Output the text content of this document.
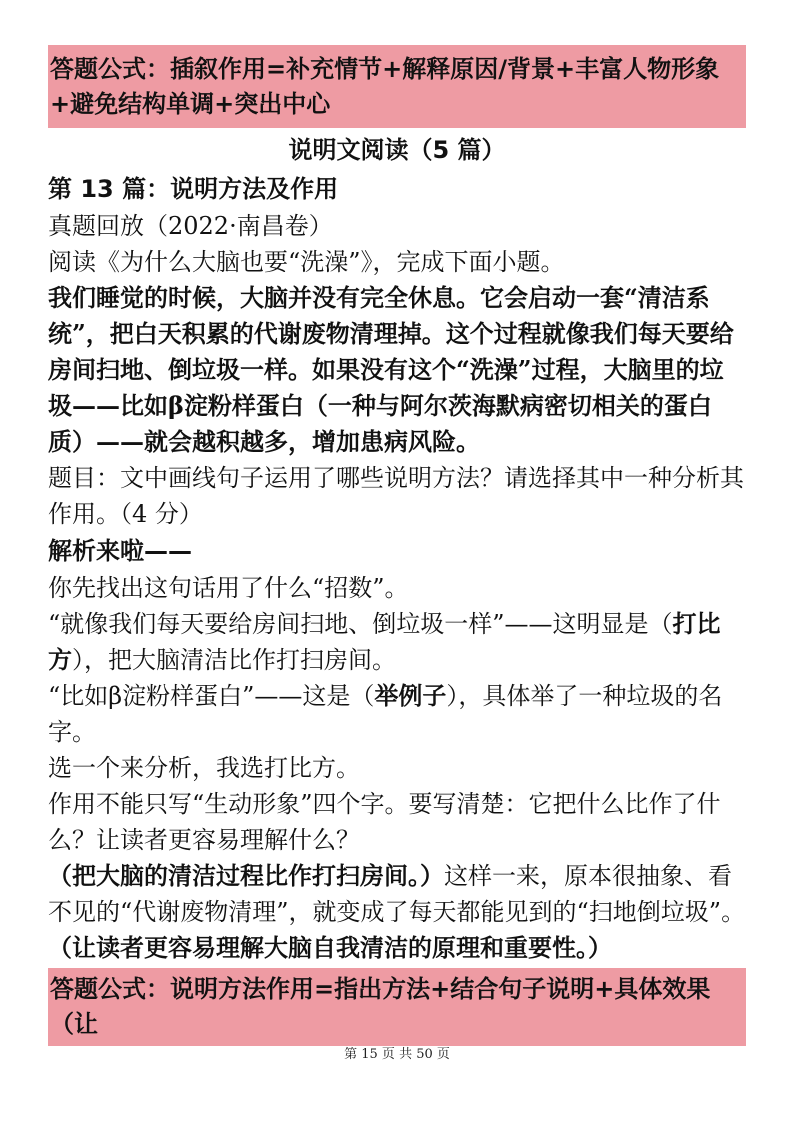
答题公式：插叙作用=补充情节+解释原因/背景+丰富人物形象+避免结构单调+突出中心
说明文阅读（5 篇）
第 13 篇：说明方法及作用
真题回放（2022·南昌卷）
阅读《为什么大脑也要“洗澡”》，完成下面小题。

我们睡觉的时候，大脑并没有完全休息。它会启动一套“清洁系统”，把白天积累的代谢废物清理掉。这个过程就像我们每天要给房间扫地、倒垃圾一样。如果没有这个“洗澡”过程，大脑里的垃圾——比如β淀粉样蛋白（一种与阿尔茨海默病密切相关的蛋白质）——就会越积越多，增加患病风险。

题目：文中画线句子运用了哪些说明方法？请选择其中一种分析其作用。（4 分）
解析来啦——
你先找出这句话用了什么“招数”。
“就像我们每天要给房间扫地、倒垃圾一样”——这明显是（打比方），把大脑清洁比作打扫房间。
“比如β淀粉样蛋白”——这是（举例子），具体举了一种垃圾的名字。
选一个来分析，我选打比方。
作用不能只写“生动形象”四个字。要写清楚：它把什么比作了什么？让读者更容易理解什么？
（把大脑的清洁过程比作打扫房间。）这样一来，原本很抽象、看不见的“代谢废物清理”，就变成了每天都能见到的“扫地倒垃圾”。
（让读者更容易理解大脑自我清洁的原理和重要性。）
答题公式：说明方法作用=指出方法+结合句子说明+具体效果（让
第 15 页 共 50 页
